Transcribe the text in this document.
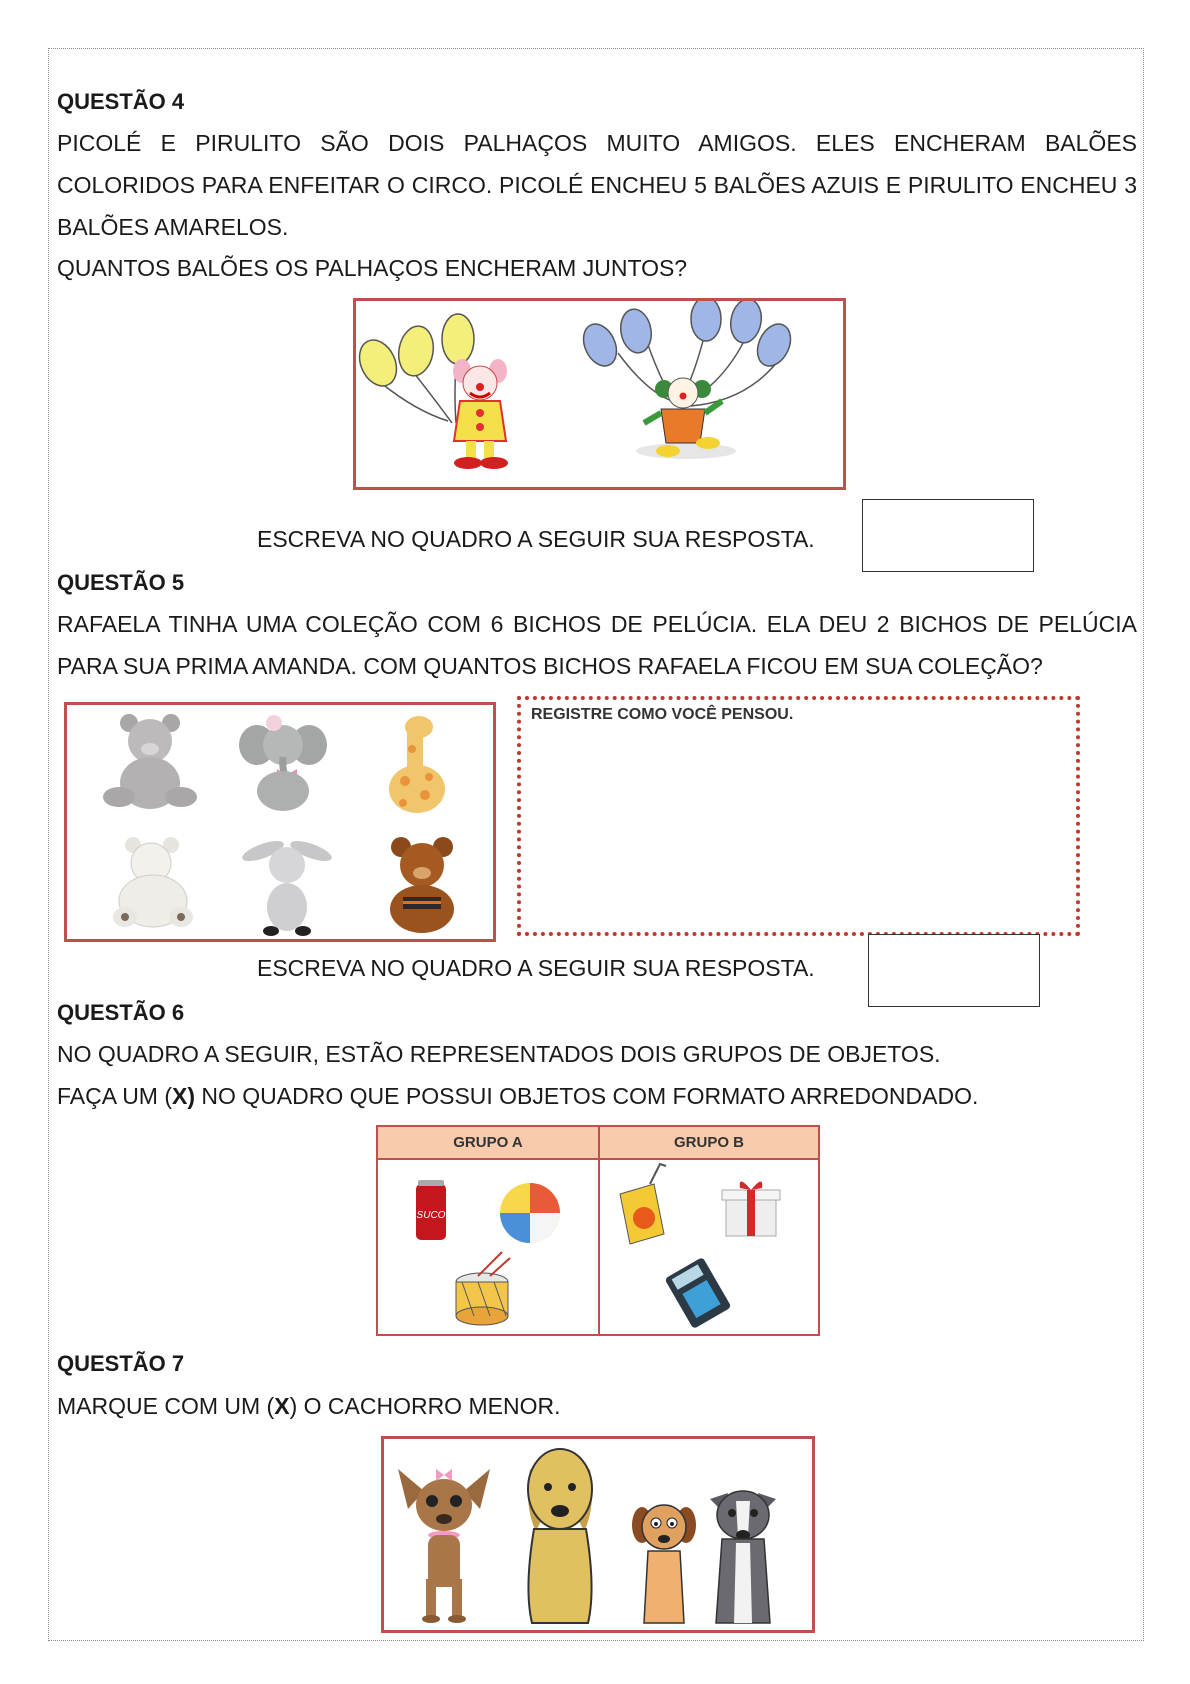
QUESTÃO 4
PICOLÉ E PIRULITO SÃO DOIS PALHAÇOS MUITO AMIGOS. ELES ENCHERAM BALÕES COLORIDOS PARA ENFEITAR O CIRCO. PICOLÉ ENCHEU 5 BALÕES AZUIS E PIRULITO ENCHEU 3 BALÕES AMARELOS.
QUANTOS BALÕES OS PALHAÇOS ENCHERAM JUNTOS?
ESCREVA NO QUADRO A SEGUIR SUA RESPOSTA.
QUESTÃO 5
RAFAELA TINHA UMA COLEÇÃO COM 6 BICHOS DE PELÚCIA. ELA DEU 2 BICHOS DE PELÚCIA PARA SUA PRIMA AMANDA. COM QUANTOS BICHOS RAFAELA FICOU EM SUA COLEÇÃO?
REGISTRE COMO VOCÊ PENSOU.
ESCREVA NO QUADRO A SEGUIR SUA RESPOSTA.
QUESTÃO 6
NO QUADRO A SEGUIR, ESTÃO REPRESENTADOS DOIS GRUPOS DE OBJETOS.
FAÇA UM (X) NO QUADRO QUE POSSUI OBJETOS COM FORMATO ARREDONDADO.
GRUPO A	GRUPO B
SUCO
QUESTÃO 7
MARQUE COM UM (X) O CACHORRO MENOR.
